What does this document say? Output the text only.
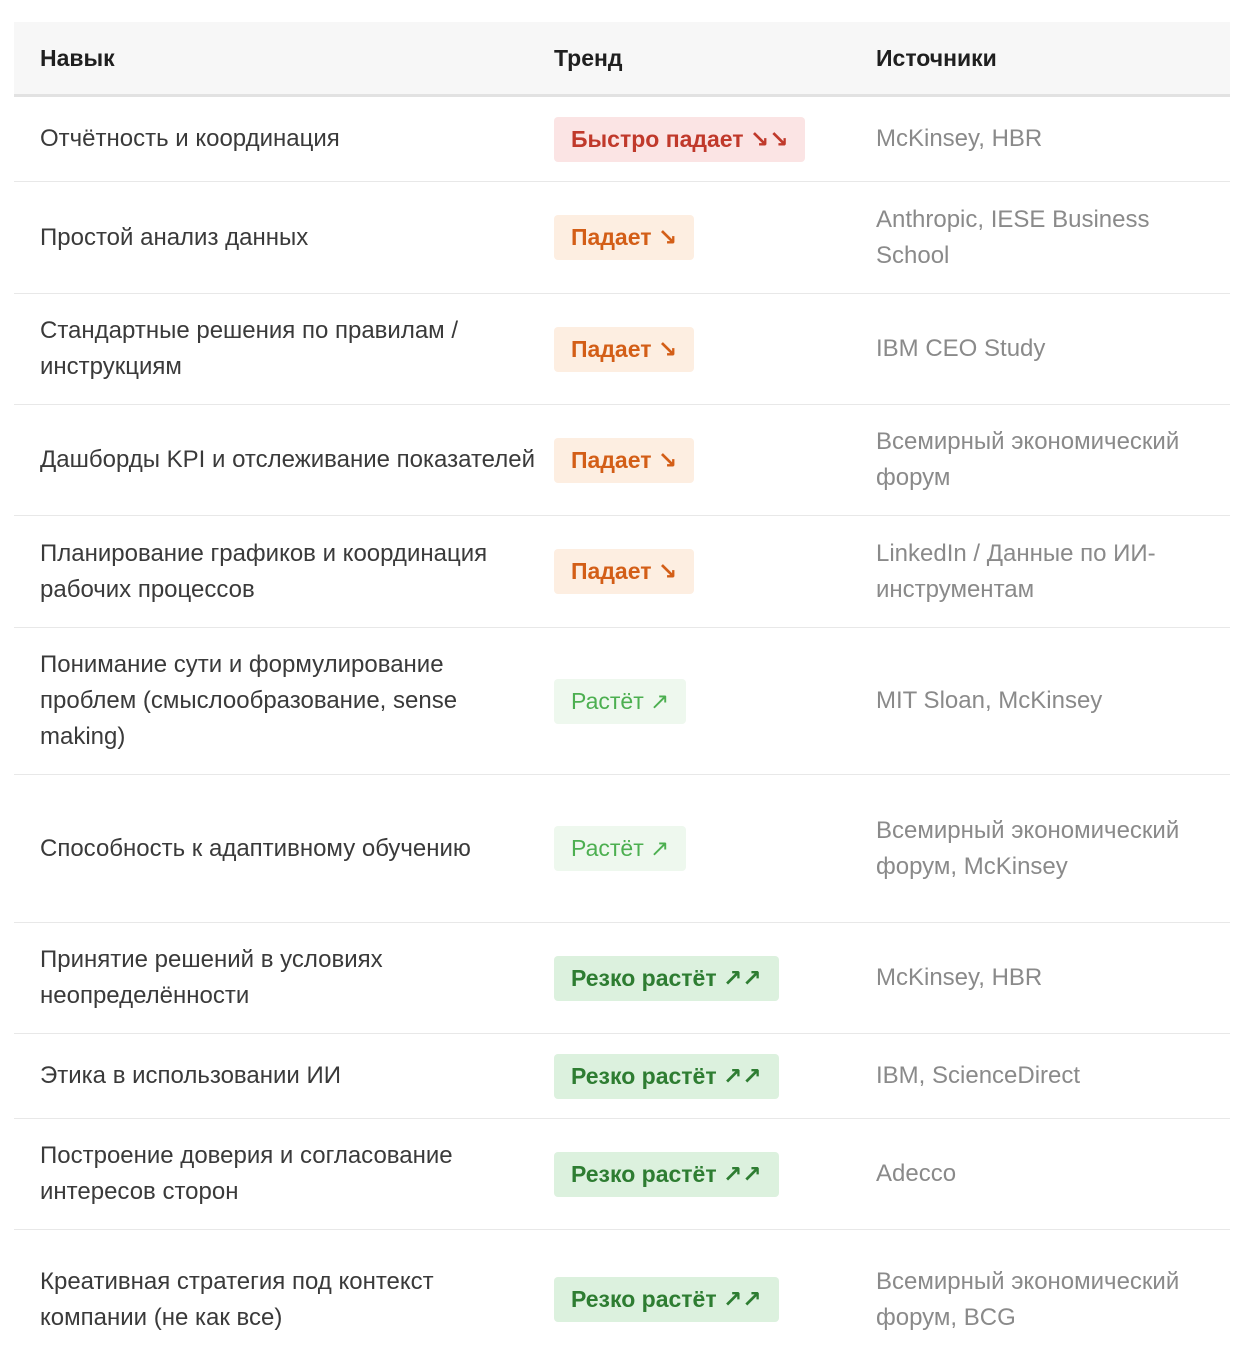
Навык	Тренд	Источники
Отчётность и координация	Быстро падает ↘↘	McKinsey, HBR
Простой анализ данных	Падает ↘	Anthropic, IESE Business School
Стандартные решения по правилам / инструкциям	Падает ↘	IBM CEO Study
Дашборды KPI и отслеживание показателей	Падает ↘	Всемирный экономический форум
Планирование графиков и координация рабочих процессов	Падает ↘	LinkedIn / Данные по ИИ-инструментам
Понимание сути и формулирование проблем (смыслообразование, sense making)	Растёт ↗	MIT Sloan, McKinsey
Способность к адаптивному обучению	Растёт ↗	Всемирный экономический форум, McKinsey
Принятие решений в условиях неопределённости	Резко растёт ↗↗	McKinsey, HBR
Этика в использовании ИИ	Резко растёт ↗↗	IBM, ScienceDirect
Построение доверия и согласование интересов сторон	Резко растёт ↗↗	Adecco
Креативная стратегия под контекст компании (не как все)	Резко растёт ↗↗	Всемирный экономический форум, BCG
